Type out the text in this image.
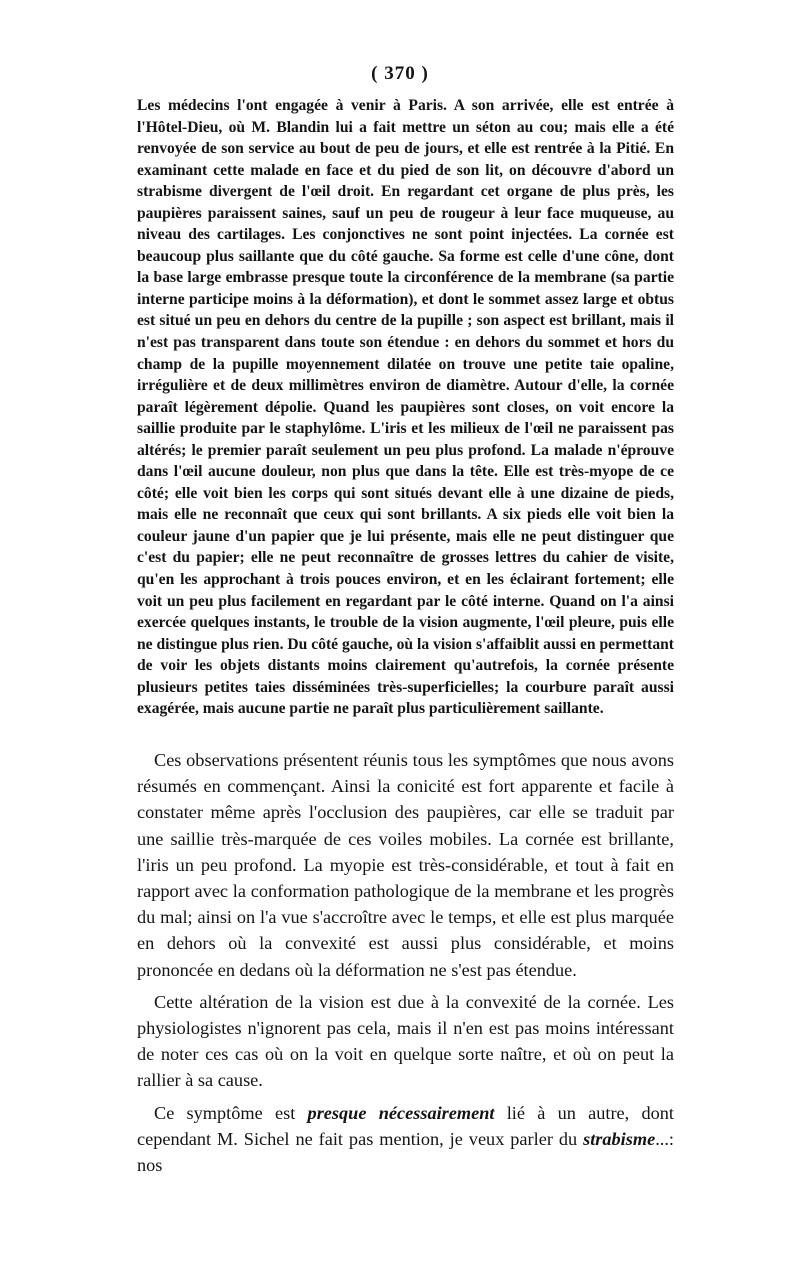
( 370 )

Les médecins l'ont engagée à venir à Paris. A son arrivée, elle est entrée à l'Hôtel-Dieu, où M. Blandin lui a fait mettre un séton au cou; mais elle a été renvoyée de son service au bout de peu de jours, et elle est rentrée à la Pitié. En examinant cette malade en face et du pied de son lit, on découvre d'abord un strabisme divergent de l'œil droit. En regardant cet organe de plus près, les paupières paraissent saines, sauf un peu de rougeur à leur face muqueuse, au niveau des cartilages. Les conjonctives ne sont point injectées. La cornée est beaucoup plus saillante que du côté gauche. Sa forme est celle d'une cône, dont la base large embrasse presque toute la circonférence de la membrane (sa partie interne participe moins à la déformation), et dont le sommet assez large et obtus est situé un peu en dehors du centre de la pupille ; son aspect est brillant, mais il n'est pas transparent dans toute son étendue : en dehors du sommet et hors du champ de la pupille moyennement dilatée on trouve une petite taie opaline, irrégulière et de deux millimètres environ de diamètre. Autour d'elle, la cornée paraît légèrement dépolie. Quand les paupières sont closes, on voit encore la saillie produite par le staphylôme. L'iris et les milieux de l'œil ne paraissent pas altérés; le premier paraît seulement un peu plus profond. La malade n'éprouve dans l'œil aucune douleur, non plus que dans la tête. Elle est très-myope de ce côté; elle voit bien les corps qui sont situés devant elle à une dizaine de pieds, mais elle ne reconnaît que ceux qui sont brillants. A six pieds elle voit bien la couleur jaune d'un papier que je lui présente, mais elle ne peut distinguer que c'est du papier; elle ne peut reconnaître de grosses lettres du cahier de visite, qu'en les approchant à trois pouces environ, et en les éclairant fortement; elle voit un peu plus facilement en regardant par le côté interne. Quand on l'a ainsi exercée quelques instants, le trouble de la vision augmente, l'œil pleure, puis elle ne distingue plus rien. Du côté gauche, où la vision s'affaiblit aussi en permettant de voir les objets distants moins clairement qu'autrefois, la cornée présente plusieurs petites taies disséminées très-superficielles; la courbure paraît aussi exagérée, mais aucune partie ne paraît plus particulièrement saillante.

Ces observations présentent réunis tous les symptômes que nous avons résumés en commençant. Ainsi la conicité est fort apparente et facile à constater même après l'occlusion des paupières, car elle se traduit par une saillie très-marquée de ces voiles mobiles. La cornée est brillante, l'iris un peu profond. La myopie est très-considérable, et tout à fait en rapport avec la conformation pathologique de la membrane et les progrès du mal; ainsi on l'a vue s'accroître avec le temps, et elle est plus marquée en dehors où la convexité est aussi plus considérable, et moins prononcée en dedans où la déformation ne s'est pas étendue.

Cette altération de la vision est due à la convexité de la cornée. Les physiologistes n'ignorent pas cela, mais il n'en est pas moins intéressant de noter ces cas où on la voit en quelque sorte naître, et où on peut la rallier à sa cause.

Ce symptôme est presque nécessairement lié à un autre, dont cependant M. Sichel ne fait pas mention, je veux parler du strabisme...: nos
